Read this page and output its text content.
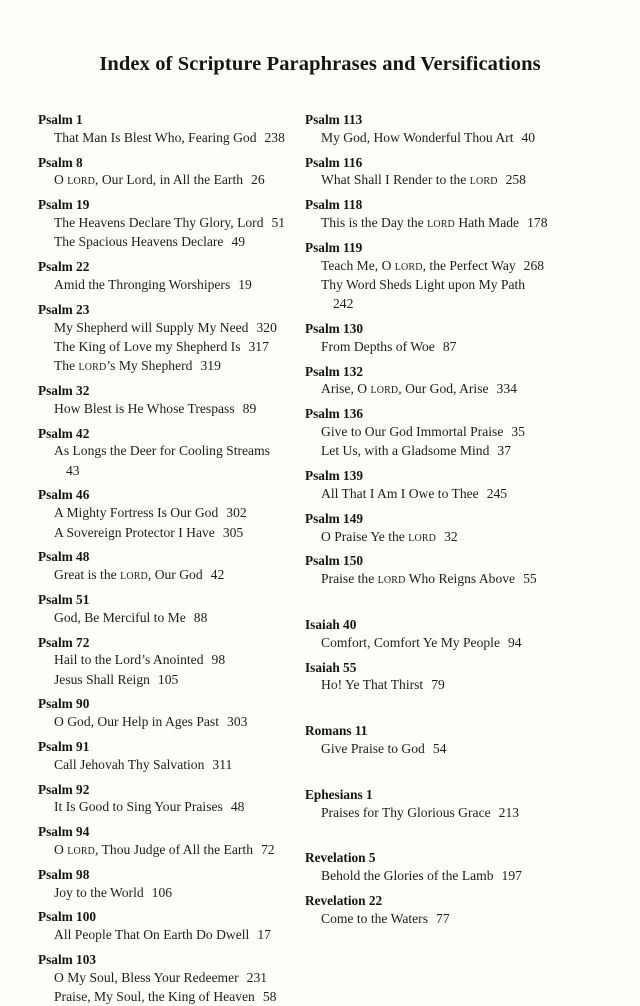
Index of Scripture Paraphrases and Versifications
Psalm 1
That Man Is Blest Who, Fearing God 238
Psalm 8
O lord, Our Lord, in All the Earth 26
Psalm 19
The Heavens Declare Thy Glory, Lord 51
The Spacious Heavens Declare 49
Psalm 22
Amid the Thronging Worshipers 19
Psalm 23
My Shepherd will Supply My Need 320
The King of Love my Shepherd Is 317
The lord’s My Shepherd 319
Psalm 32
How Blest is He Whose Trespass 89
Psalm 42
As Longs the Deer for Cooling Streams
43
Psalm 46
A Mighty Fortress Is Our God 302
A Sovereign Protector I Have 305
Psalm 48
Great is the lord, Our God 42
Psalm 51
God, Be Merciful to Me 88
Psalm 72
Hail to the Lord’s Anointed 98
Jesus Shall Reign 105
Psalm 90
O God, Our Help in Ages Past 303
Psalm 91
Call Jehovah Thy Salvation 311
Psalm 92
It Is Good to Sing Your Praises 48
Psalm 94
O lord, Thou Judge of All the Earth 72
Psalm 98
Joy to the World 106
Psalm 100
All People That On Earth Do Dwell 17
Psalm 103
O My Soul, Bless Your Redeemer 231
Praise, My Soul, the King of Heaven 58
Psalm 113
My God, How Wonderful Thou Art 40
Psalm 116
What Shall I Render to the lord 258
Psalm 118
This is the Day the lord Hath Made 178
Psalm 119
Teach Me, O lord, the Perfect Way 268
Thy Word Sheds Light upon My Path
242
Psalm 130
From Depths of Woe 87
Psalm 132
Arise, O lord, Our God, Arise 334
Psalm 136
Give to Our God Immortal Praise 35
Let Us, with a Gladsome Mind 37
Psalm 139
All That I Am I Owe to Thee 245
Psalm 149
O Praise Ye the lord 32
Psalm 150
Praise the lord Who Reigns Above 55
Isaiah 40
Comfort, Comfort Ye My People 94
Isaiah 55
Ho! Ye That Thirst 79
Romans 11
Give Praise to God 54
Ephesians 1
Praises for Thy Glorious Grace 213
Revelation 5
Behold the Glories of the Lamb 197
Revelation 22
Come to the Waters 77
